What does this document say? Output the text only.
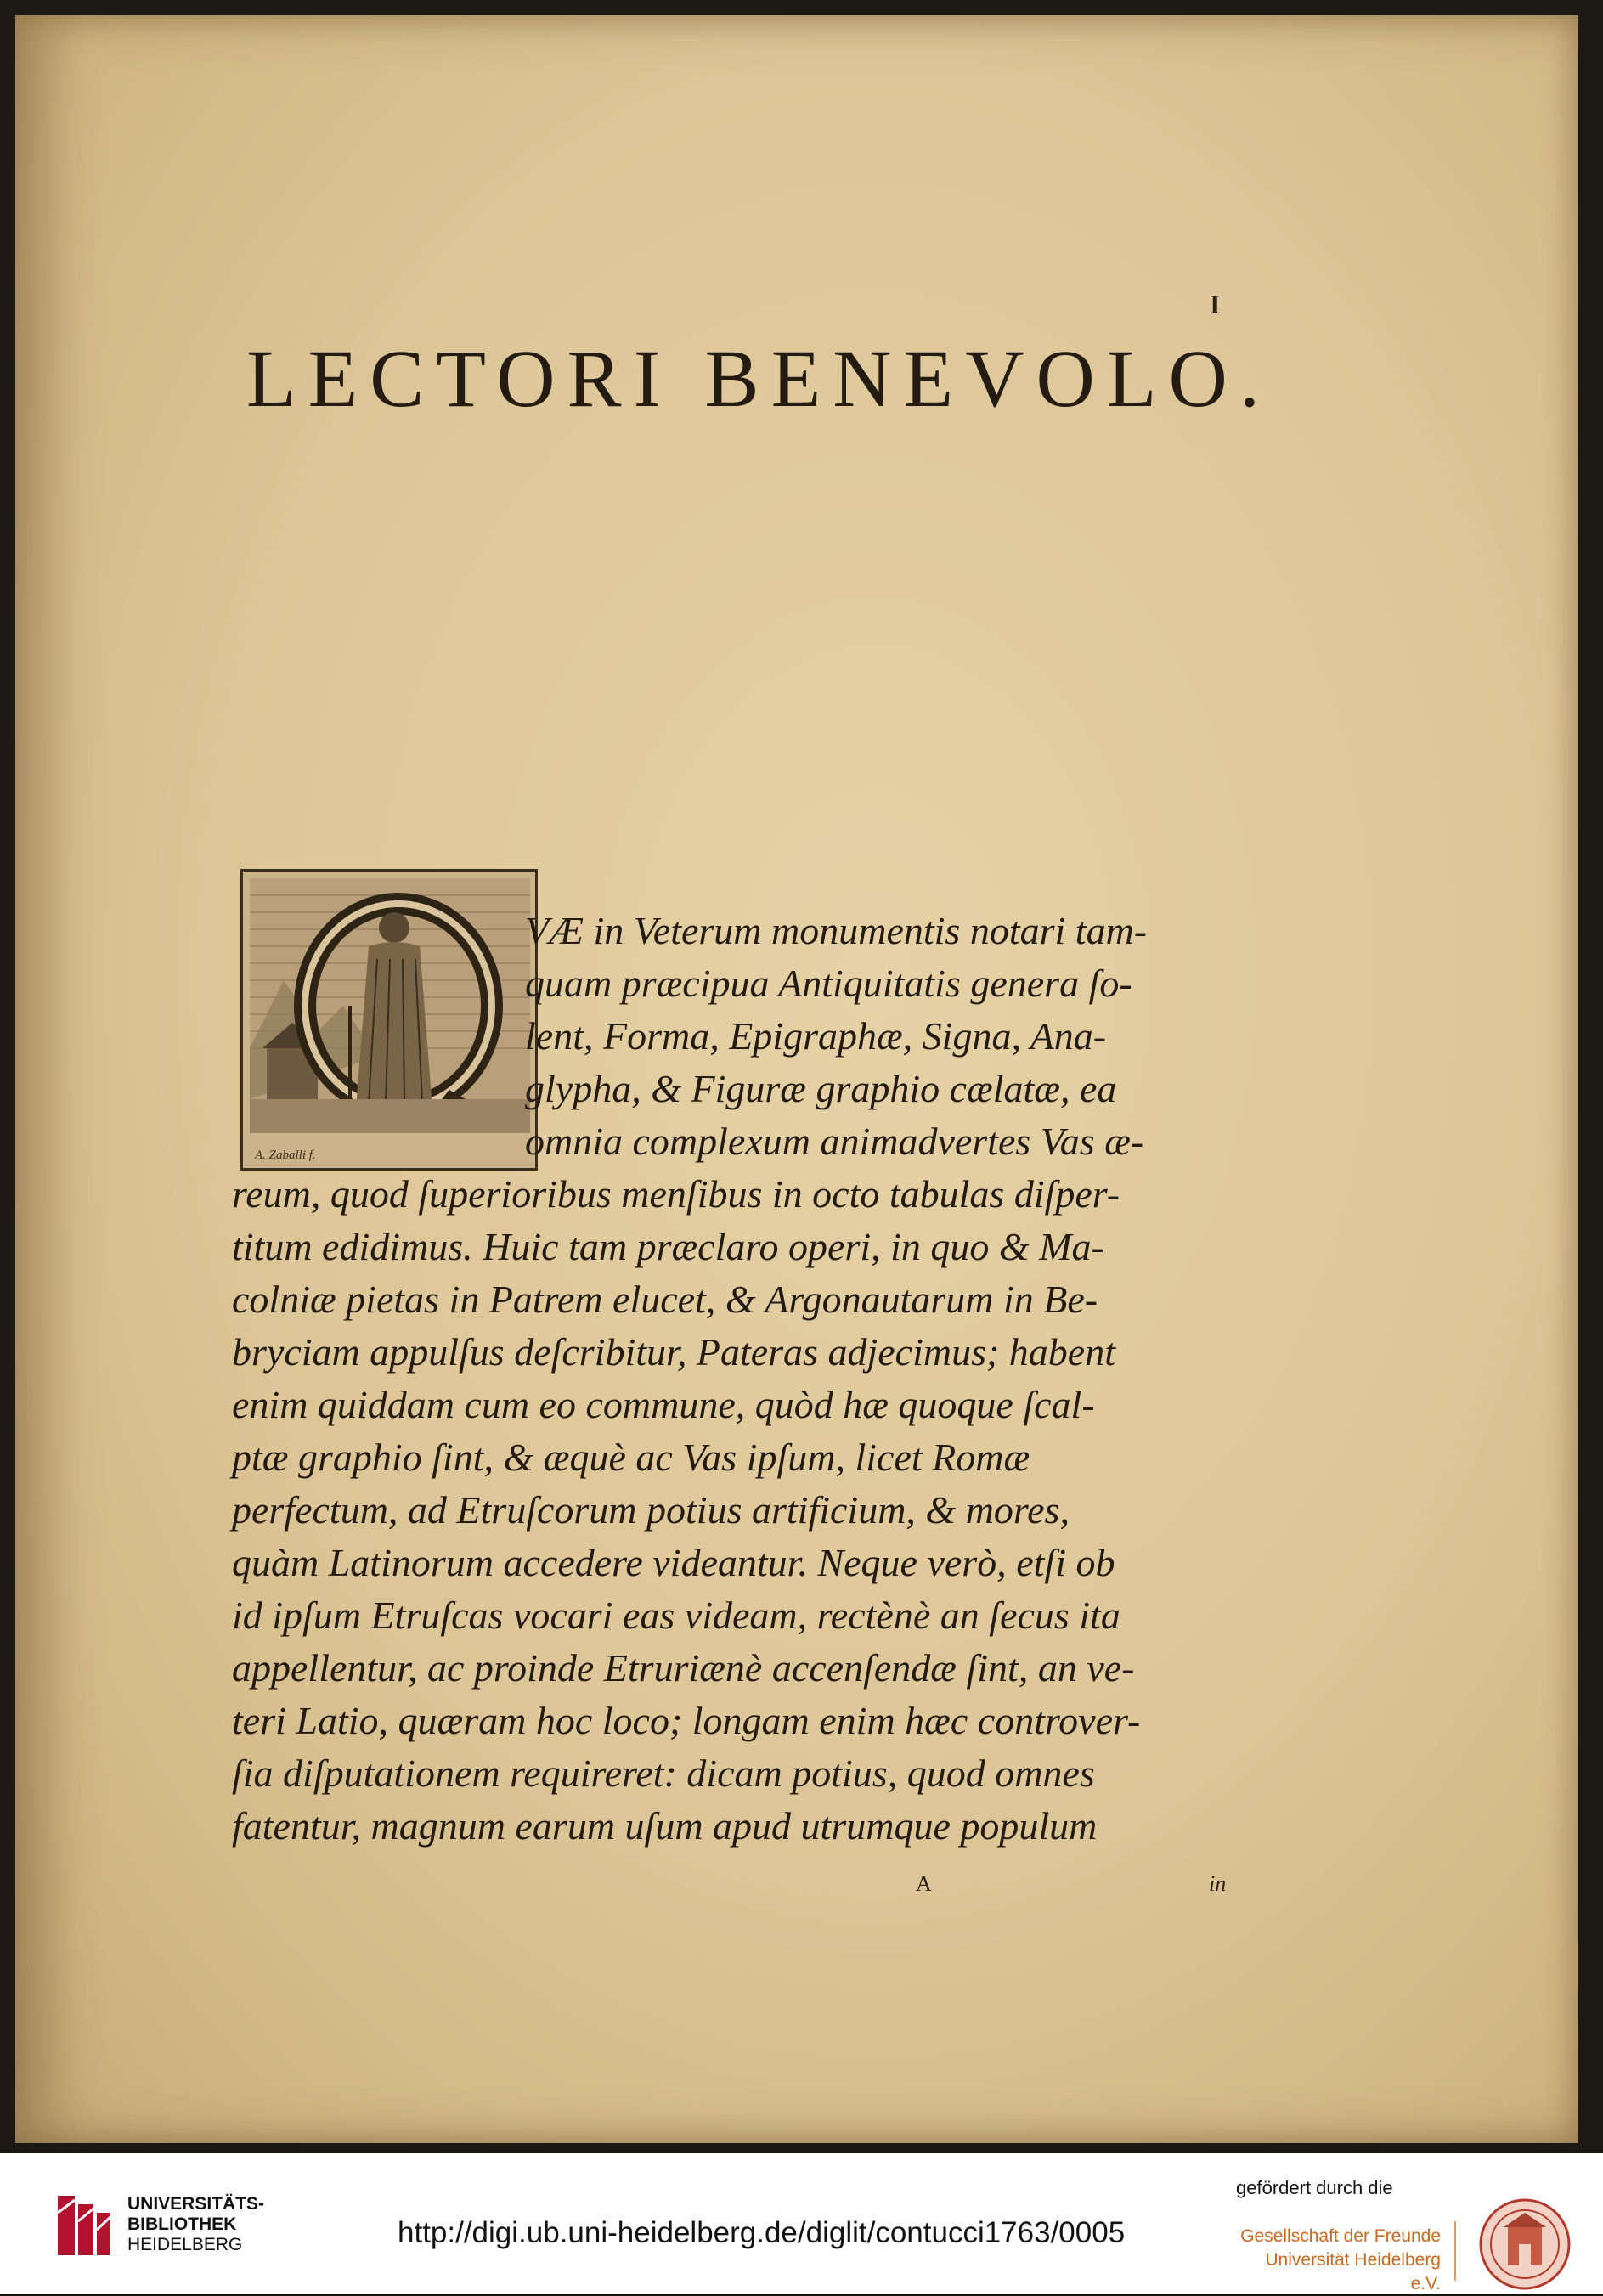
I
LECTORI BENEVOLO.
A. Zaballi f.
VÆ in Veterum monumentis notari tam-
quam præcipua Antiquitatis genera ſo-
lent, Forma, Epigraphæ, Signa, Ana-
glypha, & Figuræ graphio cælatæ, ea
omnia complexum animadvertes Vas æ-
reum, quod ſuperioribus menſibus in octo tabulas diſper-
titum edidimus. Huic tam præclaro operi, in quo & Ma-
colniæ pietas in Patrem elucet, & Argonautarum in Be-
bryciam appulſus deſcribitur, Pateras adjecimus; habent
enim quiddam cum eo commune, quòd hæ quoque ſcal-
ptæ graphio ſint, & æquè ac Vas ipſum, licet Romæ
perfectum, ad Etruſcorum potius artificium, & mores,
quàm Latinorum accedere videantur. Neque verò, etſi ob
id ipſum Etruſcas vocari eas videam, rectènè an ſecus ita
appellentur, ac proinde Etruriænè accenſendæ ſint, an ve-
teri Latio, quæram hoc loco; longam enim hæc controver-
ſia diſputationem requireret: dicam potius, quod omnes
fatentur, magnum earum uſum apud utrumque populum
A	in
UNIVERSITÄTS-
BIBLIOTHEK
HEIDELBERG	http://digi.ub.uni-heidelberg.de/diglit/contucci1763/0005
gefördert durch die
Gesellschaft der Freunde
Universität Heidelberg e.V.
